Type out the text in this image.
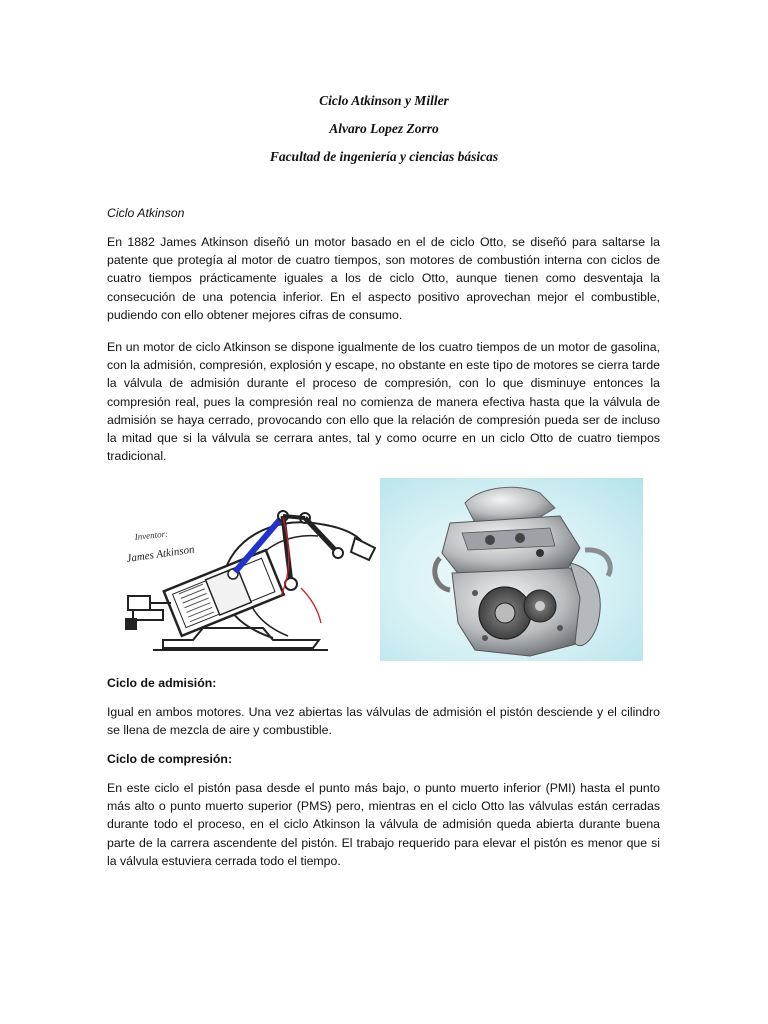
Ciclo Atkinson y Miller
Alvaro Lopez Zorro
Facultad de ingeniería y ciencias básicas
Ciclo Atkinson
En 1882 James Atkinson diseñó un motor basado en el de ciclo Otto, se diseñó para saltarse la patente que protegía al motor de cuatro tiempos, son motores de combustión interna con ciclos de cuatro tiempos prácticamente iguales a los de ciclo Otto, aunque tienen como desventaja la consecución de una potencia inferior. En el aspecto positivo aprovechan mejor el combustible, pudiendo con ello obtener mejores cifras de consumo.
En un motor de ciclo Atkinson se dispone igualmente de los cuatro tiempos de un motor de gasolina, con la admisión, compresión, explosión y escape, no obstante en este tipo de motores se cierra tarde la válvula de admisión durante el proceso de compresión, con lo que disminuye entonces la compresión real, pues la compresión real no comienza de manera efectiva hasta que la válvula de admisión se haya cerrado, provocando con ello que la relación de compresión pueda ser de incluso la mitad que si la válvula se cerrara antes, tal y como ocurre en un ciclo Otto de cuatro tiempos tradicional.
Inventor:
James Atkinson
Ciclo de admisión:
Igual en ambos motores. Una vez abiertas las válvulas de admisión el pistón desciende y el cilindro se llena de mezcla de aire y combustible.
Ciclo de compresión:
En este ciclo el pistón pasa desde el punto más bajo, o punto muerto inferior (PMI) hasta el punto más alto o punto muerto superior (PMS) pero, mientras en el ciclo Otto las válvulas están cerradas durante todo el proceso, en el ciclo Atkinson la válvula de admisión queda abierta durante buena parte de la carrera ascendente del pistón. El trabajo requerido para elevar el pistón es menor que si la válvula estuviera cerrada todo el tiempo.
